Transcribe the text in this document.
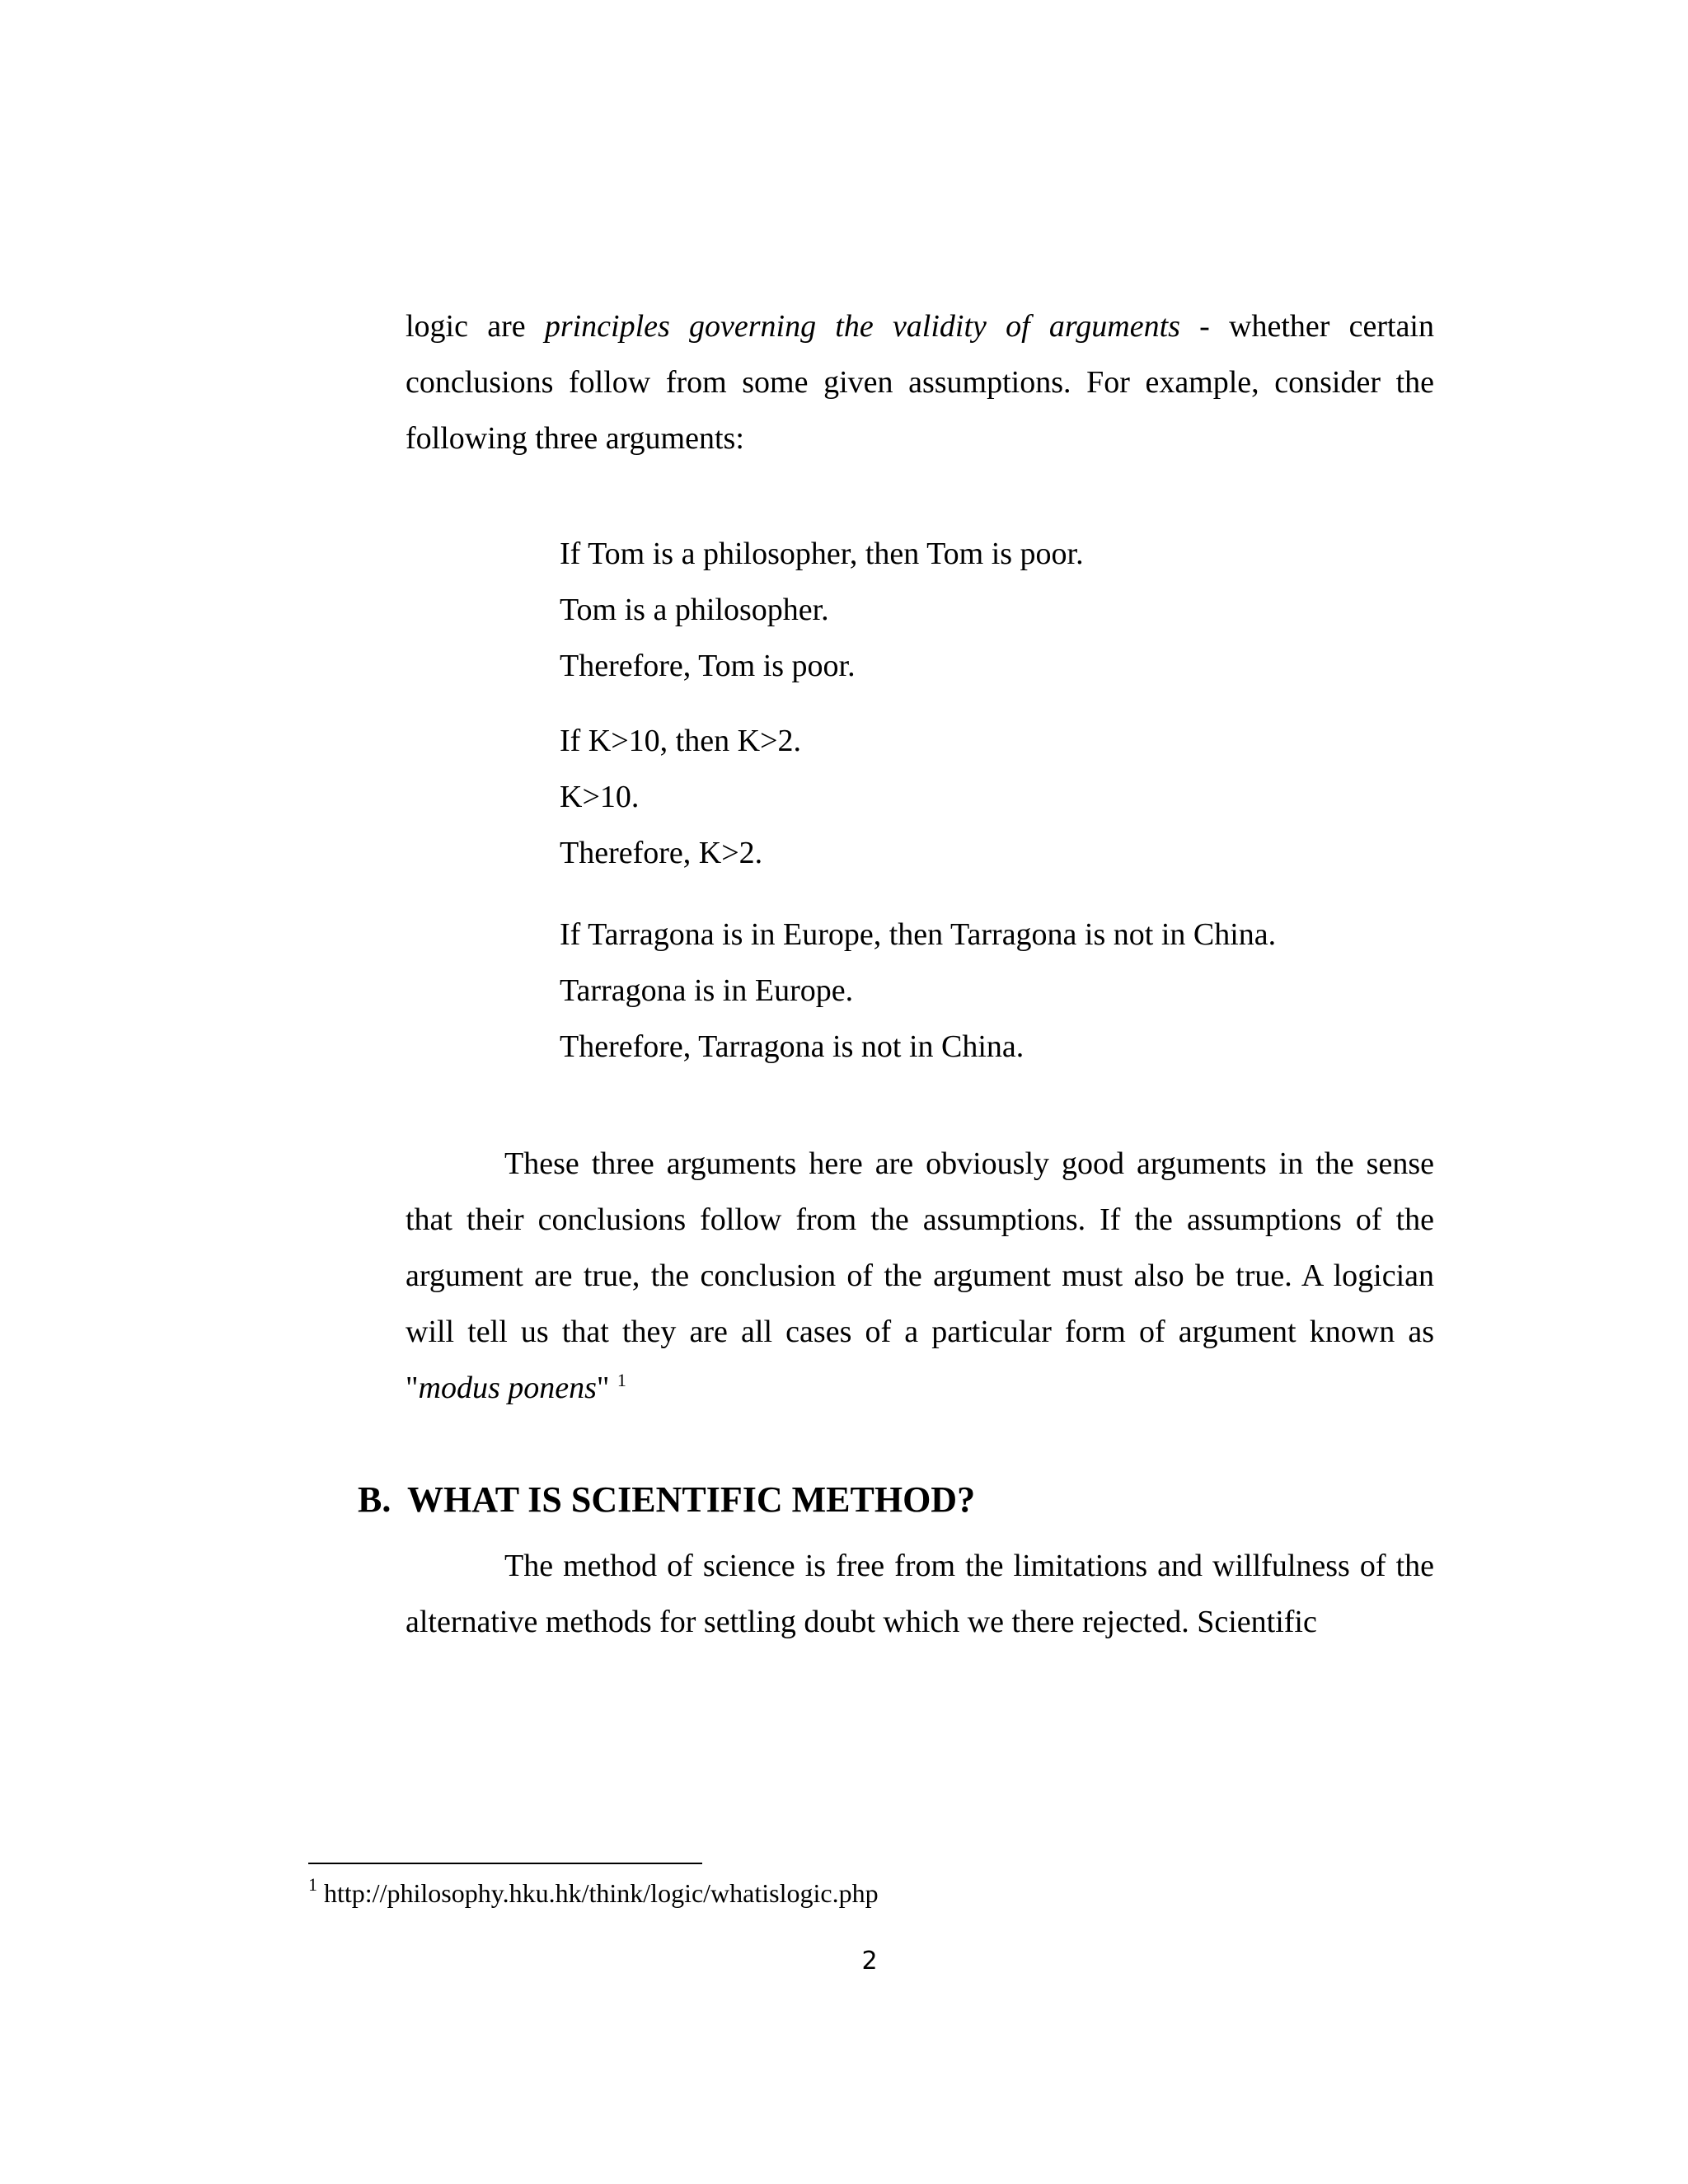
logic are principles governing the validity of arguments - whether certain conclusions follow from some given assumptions. For example, consider the following three arguments:
If Tom is a philosopher, then Tom is poor.
Tom is a philosopher.
Therefore, Tom is poor.
If K>10, then K>2.
K>10.
Therefore, K>2.
If Tarragona is in Europe, then Tarragona is not in China.
Tarragona is in Europe.
Therefore, Tarragona is not in China.
These three arguments here are obviously good arguments in the sense that their conclusions follow from the assumptions. If the assumptions of the argument are true, the conclusion of the argument must also be true. A logician will tell us that they are all cases of a particular form of argument known as "modus ponens" $^1$
B. WHAT IS SCIENTIFIC METHOD?
The method of science is free from the limitations and willfulness of the alternative methods for settling doubt which we there rejected. Scientific
$^1$ http://philosophy.hku.hk/think/logic/whatislogic.php
2
